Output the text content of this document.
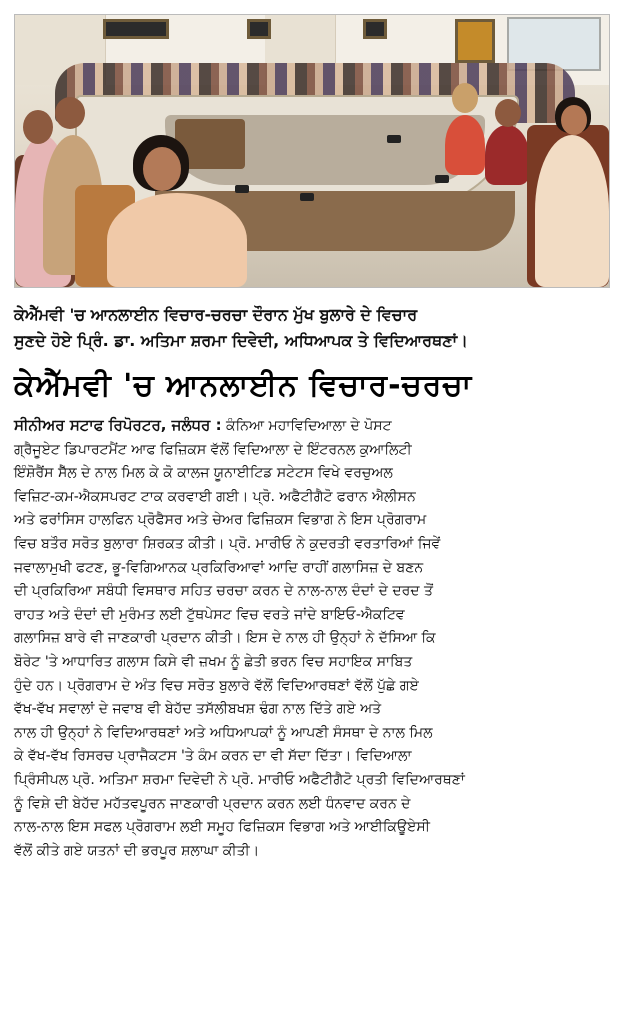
ਕੇਐੱਮਵੀ 'ਚ ਆਨਲਾਈਨ ਵਿਚਾਰ-ਚਰਚਾ ਦੌਰਾਨ ਮੁੱਖ ਬੁਲਾਰੇ ਦੇ ਵਿਚਾਰ
ਸੁਣਦੇ ਹੋਏ ਪ੍ਰਿੰ. ਡਾ. ਅਤਿਮਾ ਸ਼ਰਮਾ ਦਿਵੇਦੀ, ਅਧਿਆਪਕ ਤੇ ਵਿਦਿਆਰਥਣਾਂ।
ਕੇਐੱਮਵੀ 'ਚ ਆਨਲਾਈਨ ਵਿਚਾਰ-ਚਰਚਾ
ਸੀਨੀਅਰ ਸਟਾਫ ਰਿਪੋਰਟਰ, ਜਲੰਧਰ : ਕੰਨਿਆ ਮਹਾਵਿਦਿਆਲਾ ਦੇ ਪੋਸਟ
ਗ੍ਰੈਜੂਏਟ ਡਿਪਾਰਟਮੈਂਟ ਆਫ ਫਿਜ਼ਿਕਸ ਵੱਲੋਂ ਵਿਦਿਆਲਾ ਦੇ ਇੰਟਰਨਲ ਕੁਆਲਿਟੀ
ਇੰਸ਼ੋਰੈਂਸ ਸੈੱਲ ਦੇ ਨਾਲ ਮਿਲ ਕੇ ਕੋ ਕਾਲਜ ਯੂਨਾਈਟਿਡ ਸਟੇਟਸ ਵਿਖੇ ਵਰਚੁਅਲ
ਵਿਜ਼ਿਟ-ਕਮ-ਐਕਸਪਰਟ ਟਾਕ ਕਰਵਾਈ ਗਈ। ਪ੍ਰੋ. ਅਫੈਟੀਗੈਟੋ ਫਰਾਨ ਐਲੀਸਨ
ਅਤੇ ਫਰਾਂਸਿਸ ਹਾਲਫਿਨ ਪ੍ਰੋਫੈਸਰ ਅਤੇ ਚੇਅਰ ਫਿਜ਼ਿਕਸ ਵਿਭਾਗ ਨੇ ਇਸ ਪ੍ਰੋਗਰਾਮ
ਵਿਚ ਬਤੌਰ ਸਰੋਤ ਬੁਲਾਰਾ ਸ਼ਿਰਕਤ ਕੀਤੀ। ਪ੍ਰੋ. ਮਾਰੀਓ ਨੇ ਕੁਦਰਤੀ ਵਰਤਾਰਿਆਂ ਜਿਵੇਂ
ਜਵਾਲਾਮੁਖੀ ਫਟਣ, ਭੂ-ਵਿਗਿਆਨਕ ਪ੍ਰਕਿਰਿਆਵਾਂ ਆਦਿ ਰਾਹੀਂ ਗਲਾਸਿਜ਼ ਦੇ ਬਣਨ
ਦੀ ਪ੍ਰਕਿਰਿਆ ਸਬੰਧੀ ਵਿਸਥਾਰ ਸਹਿਤ ਚਰਚਾ ਕਰਨ ਦੇ ਨਾਲ-ਨਾਲ ਦੰਦਾਂ ਦੇ ਦਰਦ ਤੋਂ
ਰਾਹਤ ਅਤੇ ਦੰਦਾਂ ਦੀ ਮੁਰੰਮਤ ਲਈ ਟੁੱਥਪੇਸਟ ਵਿਚ ਵਰਤੇ ਜਾਂਦੇ ਬਾਇਓ-ਐਕਟਿਵ
ਗਲਾਸਿਜ਼ ਬਾਰੇ ਵੀ ਜਾਣਕਾਰੀ ਪ੍ਰਦਾਨ ਕੀਤੀ। ਇਸ ਦੇ ਨਾਲ ਹੀ ਉਨ੍ਹਾਂ ਨੇ ਦੱਸਿਆ ਕਿ
ਬੋਰੇਟ 'ਤੇ ਆਧਾਰਿਤ ਗਲਾਸ ਕਿਸੇ ਵੀ ਜ਼ਖਮ ਨੂੰ ਛੇਤੀ ਭਰਨ ਵਿਚ ਸਹਾਇਕ ਸਾਬਿਤ
ਹੁੰਦੇ ਹਨ। ਪ੍ਰੋਗਰਾਮ ਦੇ ਅੰਤ ਵਿਚ ਸਰੋਤ ਬੁਲਾਰੇ ਵੱਲੋਂ ਵਿਦਿਆਰਥਣਾਂ ਵੱਲੋਂ ਪੁੱਛੇ ਗਏ
ਵੱਖ-ਵੱਖ ਸਵਾਲਾਂ ਦੇ ਜਵਾਬ ਵੀ ਬੇਹੱਦ ਤਸੱਲੀਬਖਸ਼ ਢੰਗ ਨਾਲ ਦਿੱਤੇ ਗਏ ਅਤੇ
ਨਾਲ ਹੀ ਉਨ੍ਹਾਂ ਨੇ ਵਿਦਿਆਰਥਣਾਂ ਅਤੇ ਅਧਿਆਪਕਾਂ ਨੂੰ ਆਪਣੀ ਸੰਸਥਾ ਦੇ ਨਾਲ ਮਿਲ
ਕੇ ਵੱਖ-ਵੱਖ ਰਿਸਰਚ ਪ੍ਰਾਜੈਕਟਸ 'ਤੇ ਕੰਮ ਕਰਨ ਦਾ ਵੀ ਸੱਦਾ ਦਿੱਤਾ। ਵਿਦਿਆਲਾ
ਪ੍ਰਿੰਸੀਪਲ ਪ੍ਰੋ. ਅਤਿਮਾ ਸ਼ਰਮਾ ਦਿਵੇਦੀ ਨੇ ਪ੍ਰੋ. ਮਾਰੀਓ ਅਫੈਟੀਗੈਟੋ ਪ੍ਰਤੀ ਵਿਦਿਆਰਥਣਾਂ
ਨੂੰ ਵਿਸ਼ੇ ਦੀ ਬੇਹੱਦ ਮਹੱਤਵਪੂਰਨ ਜਾਣਕਾਰੀ ਪ੍ਰਦਾਨ ਕਰਨ ਲਈ ਧੰਨਵਾਦ ਕਰਨ ਦੇ
ਨਾਲ-ਨਾਲ ਇਸ ਸਫਲ ਪ੍ਰੋਗਰਾਮ ਲਈ ਸਮੂਹ ਫਿਜ਼ਿਕਸ ਵਿਭਾਗ ਅਤੇ ਆਈਕਿਊਏਸੀ
ਵੱਲੋਂ ਕੀਤੇ ਗਏ ਯਤਨਾਂ ਦੀ ਭਰਪੂਰ ਸ਼ਲਾਘਾ ਕੀਤੀ।
